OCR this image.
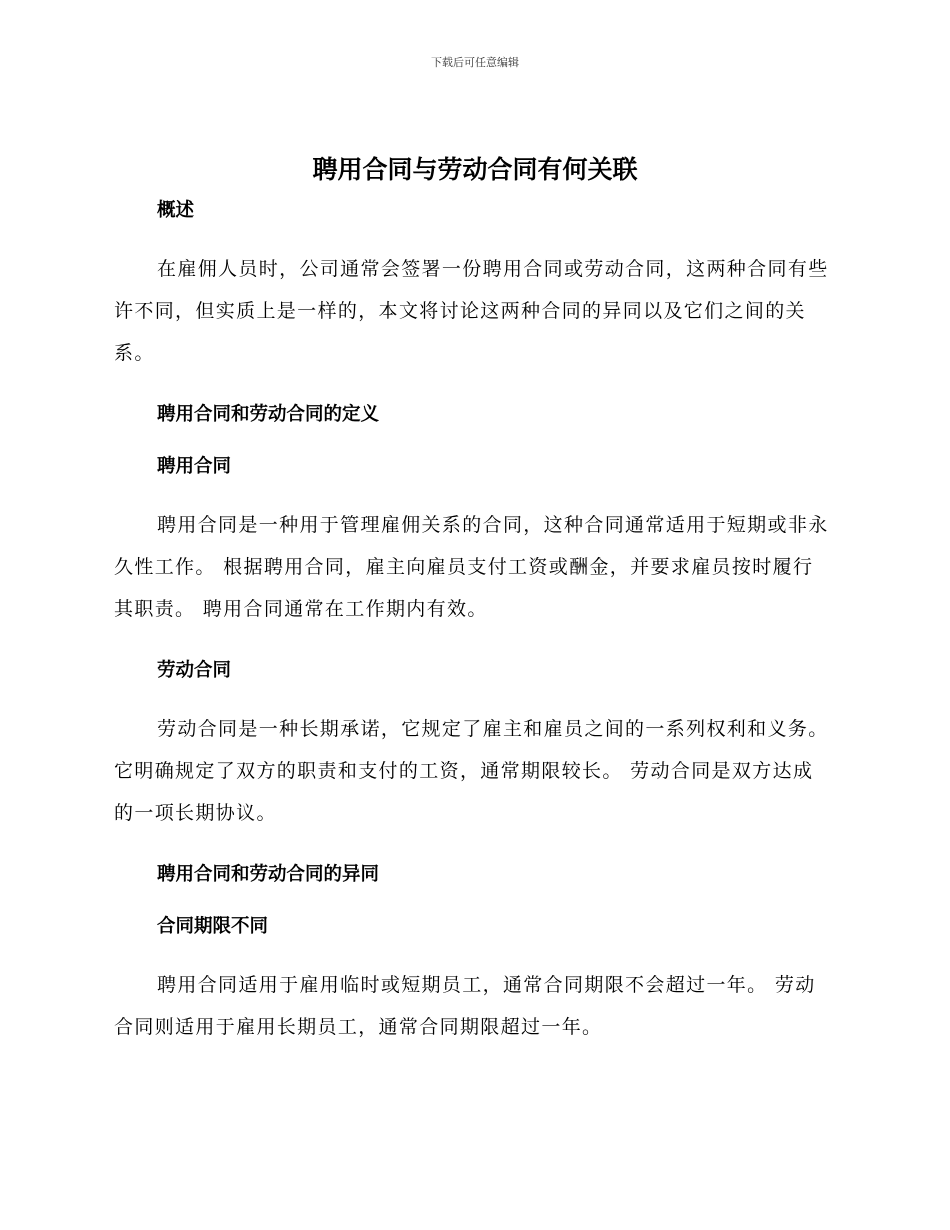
下载后可任意编辑
聘用合同与劳动合同有何关联
概述

在雇佣人员时，公司通常会签署一份聘用合同或劳动合同，这两种合同有些许不同，但实质上是一样的，本文将讨论这两种合同的异同以及它们之间的关系。

聘用合同和劳动合同的定义
聘用合同

聘用合同是一种用于管理雇佣关系的合同，这种合同通常适用于短期或非永久性工作。 根据聘用合同，雇主向雇员支付工资或酬金，并要求雇员按时履行其职责。 聘用合同通常在工作期内有效。

劳动合同

劳动合同是一种长期承诺，它规定了雇主和雇员之间的一系列权利和义务。 它明确规定了双方的职责和支付的工资，通常期限较长。 劳动合同是双方达成的一项长期协议。

聘用合同和劳动合同的异同
合同期限不同

聘用合同适用于雇用临时或短期员工，通常合同期限不会超过一年。 劳动合同则适用于雇用长期员工，通常合同期限超过一年。
